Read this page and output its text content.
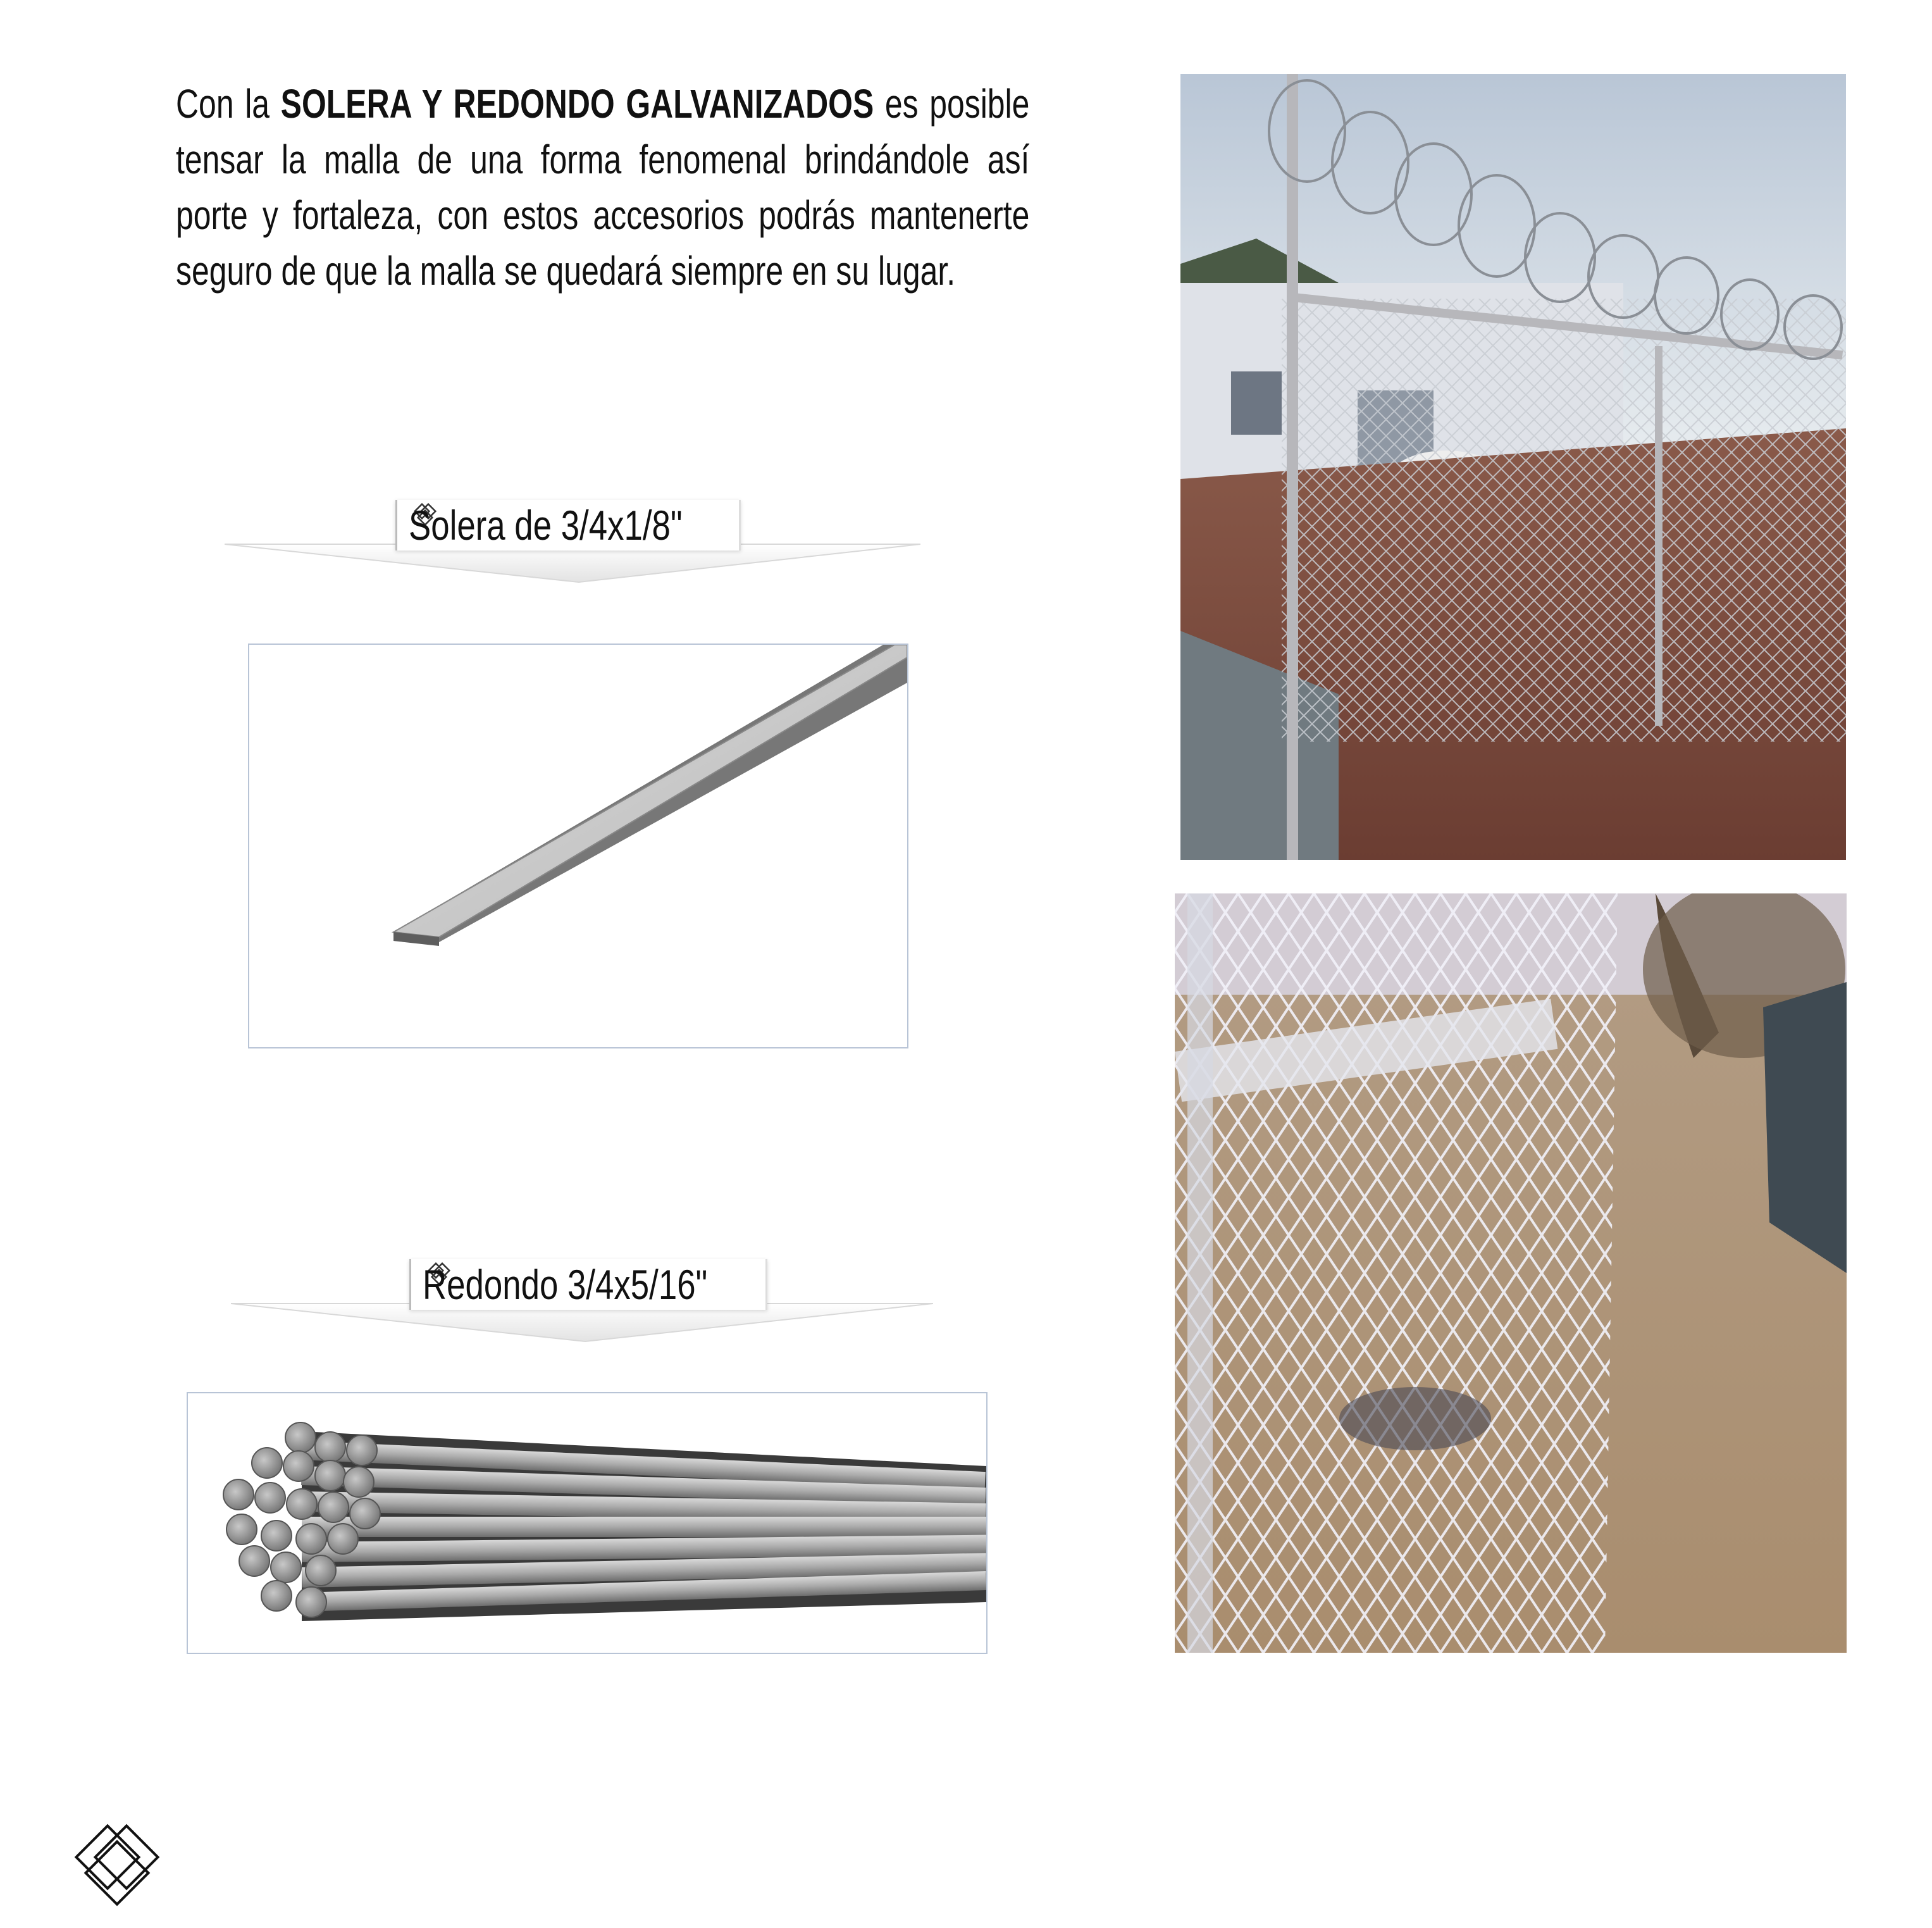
Con la SOLERA Y REDONDO GALVANIZADOS es posible tensar la malla de una forma fenomenal brindándole así porte y fortaleza, con estos accesorios podrás mantenerte seguro de que la malla se quedará siempre en su lugar.

Solera de 3/4x1/8"
Redondo 3/4x5/16"
